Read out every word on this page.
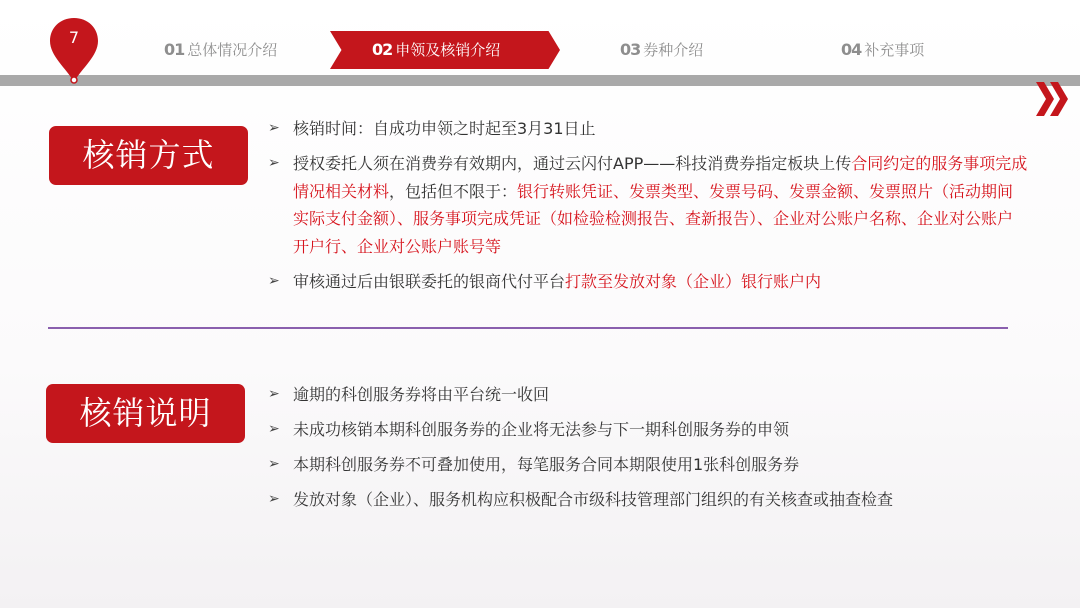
01 总体情况介绍	02 申领及核销介绍	03 券种介绍	04 补充事项
7
核销方式
➢ 核销时间：自成功申领之时起至3月31日止
➢ 授权委托人须在消费券有效期内，通过云闪付APP——科技消费券指定板块上传合同约定的服务事项完成情况相关材料，包括但不限于：银行转账凭证、发票类型、发票号码、发票金额、发票照片（活动期间实际支付金额）、服务事项完成凭证（如检验检测报告、查新报告）、企业对公账户名称、企业对公账户开户行、企业对公账户账号等
➢ 审核通过后由银联委托的银商代付平台打款至发放对象（企业）银行账户内
核销说明	➢ 逾期的科创服务券将由平台统一收回
➢ 未成功核销本期科创服务券的企业将无法参与下一期科创服务券的申领
➢ 本期科创服务券不可叠加使用，每笔服务合同本期限使用1张科创服务券
➢ 发放对象（企业）、服务机构应积极配合市级科技管理部门组织的有关核查或抽查检查
